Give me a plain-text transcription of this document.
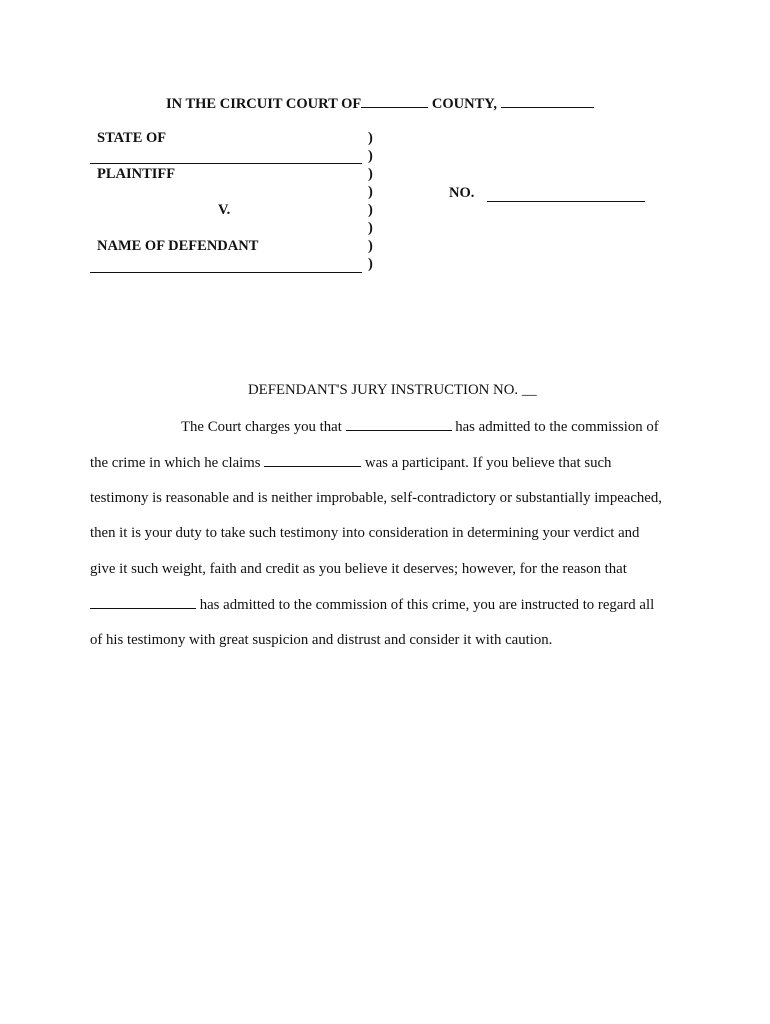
IN THE CIRCUIT COURT OF	COUNTY,
STATE OF
PLAINTIFF
V.
NAME OF DEFENDANT
)
)
)
)
)
)
)
)
NO.
DEFENDANT'S JURY INSTRUCTION NO. __
The Court charges you that	has admitted to the commission of
the crime in which he claims	was a participant. If you believe that such
testimony is reasonable and is neither improbable, self-contradictory or substantially impeached,
then it is your duty to take such testimony into consideration in determining your verdict and
give it such weight, faith and credit as you believe it deserves; however, for the reason that
has admitted to the commission of this crime, you are instructed to regard all
of his testimony with great suspicion and distrust and consider it with caution.
